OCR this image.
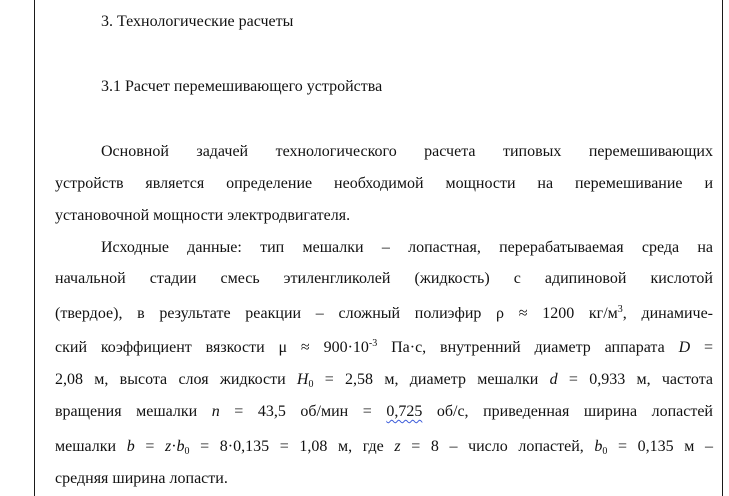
3. Технологические расчеты
3.1 Расчет перемешивающего устройства
Основной задачей технологического расчета типовых перемешивающих
устройств является определение необходимой мощности на перемешивание и
установочной мощности электродвигателя.
Исходные данные: тип мешалки – лопастная, перерабатываемая среда на
начальной стадии смесь этиленгликолей (жидкость) с адипиновой кислотой
(твердое), в результате реакции – сложный полиэфир ρ ≈ 1200 $кг/м^3$, динамиче-
ский коэффициент вязкости $\mu \approx 900\cdot 10^{-3}$ Па·с, внутренний диаметр аппарата D =
2,08 м, высота слоя жидкости $H_0 = 2,58$ м, диаметр мешалки d = 0,933 м, частота
вращения мешалки n = 43,5 об/мин = 0,725 об/с, приведенная ширина лопастей
мешалки $b = z\cdot b_0 = 8\cdot 0,135 = 1,08$ м, где z = 8 – число лопастей, $b_0 = 0,135$ м –
средняя ширина лопасти.
